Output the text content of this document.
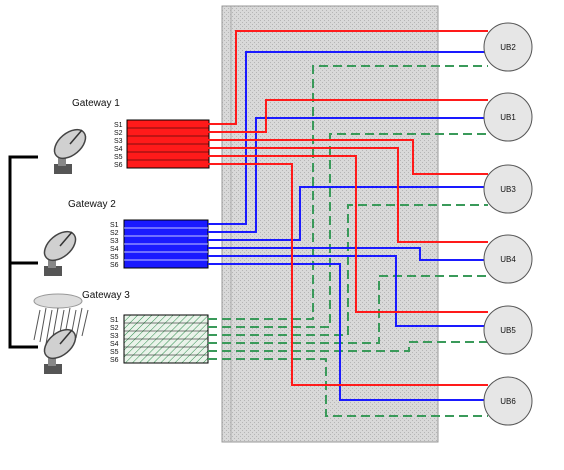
Gateway 1
S1
S2
S3
S4
S5
S6
Gateway 2
S1
S2
S3
S4
S5
S6
Gateway 3
S1
S2
S3
S4
S5
S6
UB2
UB1
UB3
UB4
UB5
UB6
